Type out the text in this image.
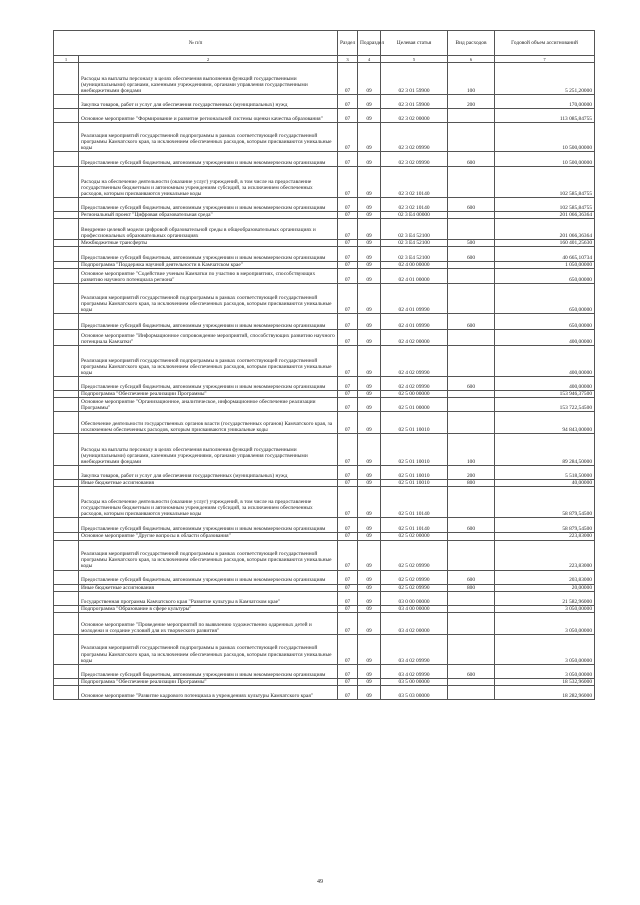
№ п/п		Раздел	Подраздел	Целевая статья	Вид расходов	Годовой объем ассигнований
1	2	3	4	5	6	7
	Расходы на выплаты персоналу в целях обеспечения выполнения функций государственными (муниципальными) органами, казенными учреждениями, органами управления государственными внебюджетными фондами	07	09	02 3 01 59900	100	5 251,20000
	Закупка товаров, работ и услуг для обеспечения государственных (муниципальных) нужд	07	09	02 3 01 59900	200	170,00000
	Основное мероприятие "Формирование и развитие региональной системы оценки качества образования"	07	09	02 3 02 00000		113 085,84755
	Реализация мероприятий государственной подпрограммы в рамках соответствующей государственной программы Камчатского края, за исключением обеспеченных расходов, которым присваиваются уникальные коды	07	09	02 3 02 09990		10 500,00000
	Предоставление субсидий бюджетным, автономным учреждениям и иным некоммерческим организациям	07	09	02 3 02 09990	600	10 500,00000
	Расходы на обеспечение деятельности (оказание услуг) учреждений, в том числе на предоставление государственным бюджетным и автономным учреждениям субсидий, за исключением обеспеченных расходов, которым присваиваются уникальные коды	07	09	02 3 02 10140		102 585,84755
	Предоставление субсидий бюджетным, автономным учреждениям и иным некоммерческим организациям	07	09	02 3 02 10140	600	102 585,84755
	Региональный проект "Цифровая образовательная среда"	07	09	02 3 E4 00000		201 066,36364
	Внедрение целевой модели цифровой образовательной среды в общеобразовательных организациях и профессиональных образовательных организациях	07	09	02 3 E4 52100		201 066,36364
	Межбюджетные трансферты	07	09	02 3 E4 52100	500	160 401,25630
	Предоставление субсидий бюджетным, автономным учреждениям и иным некоммерческим организациям	07	09	02 3 E4 52100	600	40 665,10734
	Подпрограмма "Поддержка научной деятельности в Камчатском крае"	07	09	02 4 00 00000		1 050,00000
	Основное мероприятие "Содействие ученым Камчатки по участию в мероприятиях, способствующих развитию научного потенциала региона"	07	09	02 4 01 00000		650,00000
	Реализация мероприятий государственной подпрограммы в рамках соответствующей государственной программы Камчатского края, за исключением обеспеченных расходов, которым присваиваются уникальные коды	07	09	02 4 01 09990		650,00000
	Предоставление субсидий бюджетным, автономным учреждениям и иным некоммерческим организациям	07	09	02 4 01 09990	600	650,00000
	Основное мероприятие "Информационное сопровождение мероприятий, способствующих развитию научного потенциала Камчатки"	07	09	02 4 02 00000		400,00000
	Реализация мероприятий государственной подпрограммы в рамках соответствующей государственной программы Камчатского края, за исключением обеспеченных расходов, которым присваиваются уникальные коды	07	09	02 4 02 09990		400,00000
	Предоставление субсидий бюджетным, автономным учреждениям и иным некоммерческим организациям	07	09	02 4 02 09990	600	400,00000
	Подпрограмма "Обеспечение реализации Программы"	07	09	02 5 00 00000		153 946,37500
	Основное мероприятие "Организационное, аналитическое, информационное обеспечение реализации Программы"	07	09	02 5 01 00000		153 722,54500
	Обеспечение деятельности государственных органов власти (государственных органов) Камчатского края, за исключением обеспеченных расходов, которым присваиваются уникальные коды	07	09	02 5 01 10010		94 843,00000
	Расходы на выплаты персоналу в целях обеспечения выполнения функций государственными (муниципальными) органами, казенными учреждениями, органами управления государственными внебюджетными фондами	07	09	02 5 01 10010	100	89 284,50000
	Закупка товаров, работ и услуг для обеспечения государственных (муниципальных) нужд	07	09	02 5 01 10010	200	5 518,50000
	Иные бюджетные ассигнования	07	09	02 5 01 10010	800	40,00000
	Расходы на обеспечение деятельности (оказание услуг) учреждений, в том числе на предоставление государственным бюджетным и автономным учреждениям субсидий, за исключением обеспеченных расходов, которым присваиваются уникальные коды	07	09	02 5 01 10140		58 879,54500
	Предоставление субсидий бюджетным, автономным учреждениям и иным некоммерческим организациям	07	09	02 5 01 10140	600	58 879,54500
	Основное мероприятие "Другие вопросы в области образования"	07	09	02 5 02 00000		223,83000
	Реализация мероприятий государственной подпрограммы в рамках соответствующей государственной программы Камчатского края, за исключением обеспеченных расходов, которым присваиваются уникальные коды	07	09	02 5 02 09990		223,83000
	Предоставление субсидий бюджетным, автономным учреждениям и иным некоммерческим организациям	07	09	02 5 02 09990	600	203,83000
	Иные бюджетные ассигнования	07	09	02 5 02 09990	800	20,00000
	Государственная программа Камчатского края "Развитие культуры в Камчатском крае"	07	09	03 0 00 00000		21 582,96000
	Подпрограмма "Образование в сфере культуры"	07	09	03 4 00 00000		3 050,00000
	Основное мероприятие "Проведение мероприятий по выявлению художественно одаренных детей и молодежи и создание условий для их творческого развития"	07	09	03 4 02 00000		3 050,00000
	Реализация мероприятий государственной подпрограммы в рамках соответствующей государственной программы Камчатского края, за исключением обеспеченных расходов, которым присваиваются уникальные коды	07	09	03 4 02 09990		3 050,00000
	Предоставление субсидий бюджетным, автономным учреждениям и иным некоммерческим организациям	07	09	03 4 02 09990	600	3 050,00000
	Подпрограмма "Обеспечение реализации Программы"	07	09	03 5 00 00000		18 532,96000
	Основное мероприятие "Развитие кадрового потенциала в учреждениях культуры Камчатского края"	07	09	03 5 03 00000		18 282,96000
49
